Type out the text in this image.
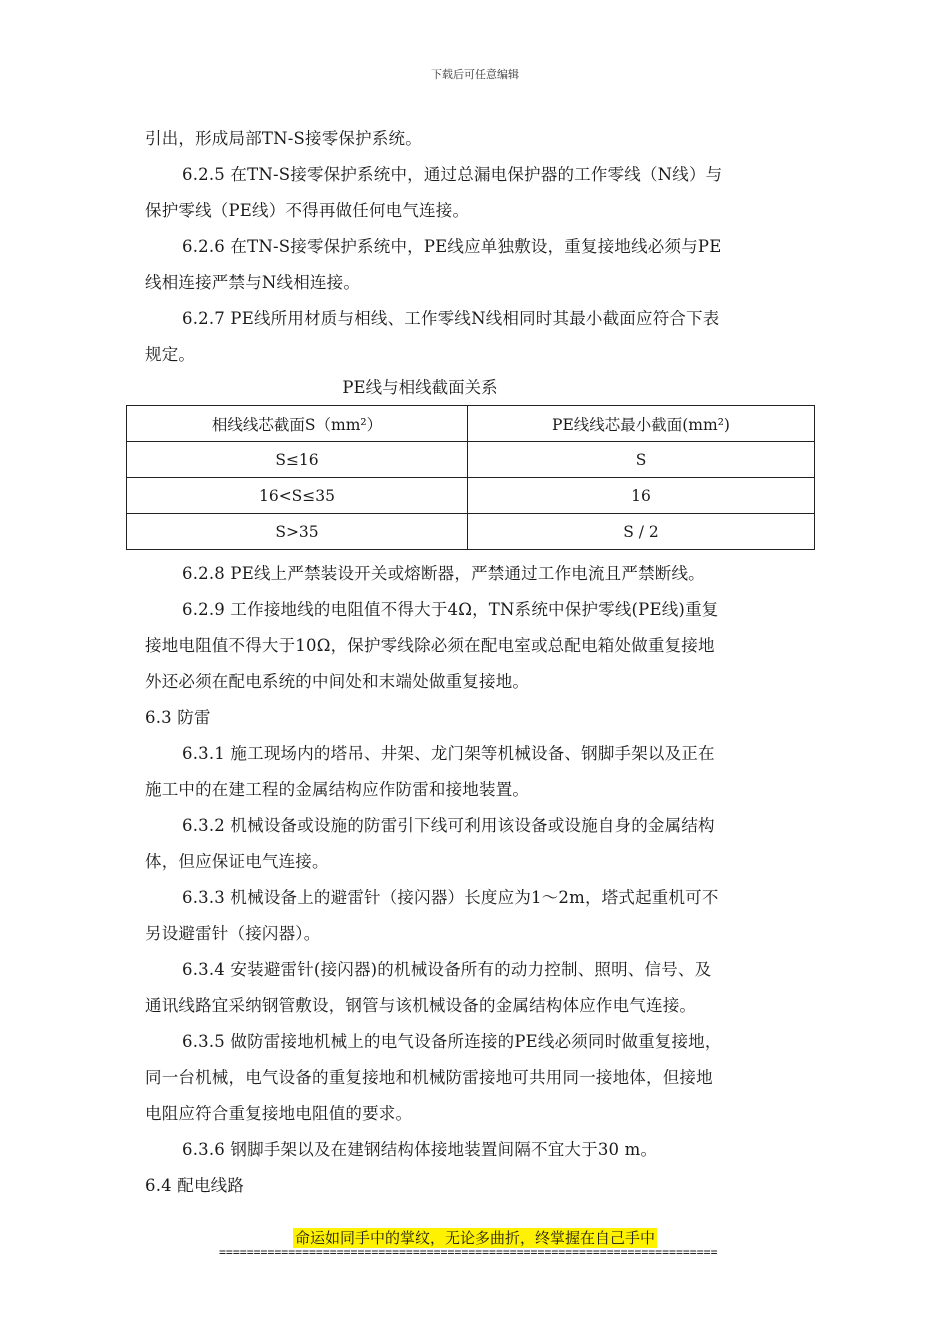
下载后可任意编辑
引出，形成局部TN-S接零保护系统。
6.2.5 在TN-S接零保护系统中，通过总漏电保护器的工作零线（N线）与
保护零线（PE线）不得再做任何电气连接。
6.2.6 在TN-S接零保护系统中，PE线应单独敷设，重复接地线必须与PE
线相连接严禁与N线相连接。
6.2.7 PE线所用材质与相线、工作零线N线相同时其最小截面应符合下表
规定。
PE线与相线截面关系
相线线芯截面S（mm²）	PE线线芯最小截面(mm²)
S≤16	S
16<S≤35	16
S>35	S / 2
6.2.8 PE线上严禁装设开关或熔断器，严禁通过工作电流且严禁断线。
6.2.9 工作接地线的电阻值不得大于4Ω，TN系统中保护零线(PE线)重复
接地电阻值不得大于10Ω，保护零线除必须在配电室或总配电箱处做重复接地
外还必须在配电系统的中间处和末端处做重复接地。
6.3 防雷
6.3.1 施工现场内的塔吊、井架、龙门架等机械设备、钢脚手架以及正在
施工中的在建工程的金属结构应作防雷和接地装置。
6.3.2 机械设备或设施的防雷引下线可利用该设备或设施自身的金属结构
体，但应保证电气连接。
6.3.3 机械设备上的避雷针（接闪器）长度应为1～2m，塔式起重机可不
另设避雷针（接闪器）。
6.3.4 安装避雷针(接闪器)的机械设备所有的动力控制、照明、信号、及
通讯线路宜采纳钢管敷设，钢管与该机械设备的金属结构体应作电气连接。
6.3.5 做防雷接地机械上的电气设备所连接的PE线必须同时做重复接地，
同一台机械，电气设备的重复接地和机械防雷接地可共用同一接地体，但接地
电阻应符合重复接地电阻值的要求。
6.3.6 钢脚手架以及在建钢结构体接地装置间隔不宜大于30 m。
6.4 配电线路
命运如同手中的掌纹，无论多曲折，终掌握在自己手中
========================================================================
